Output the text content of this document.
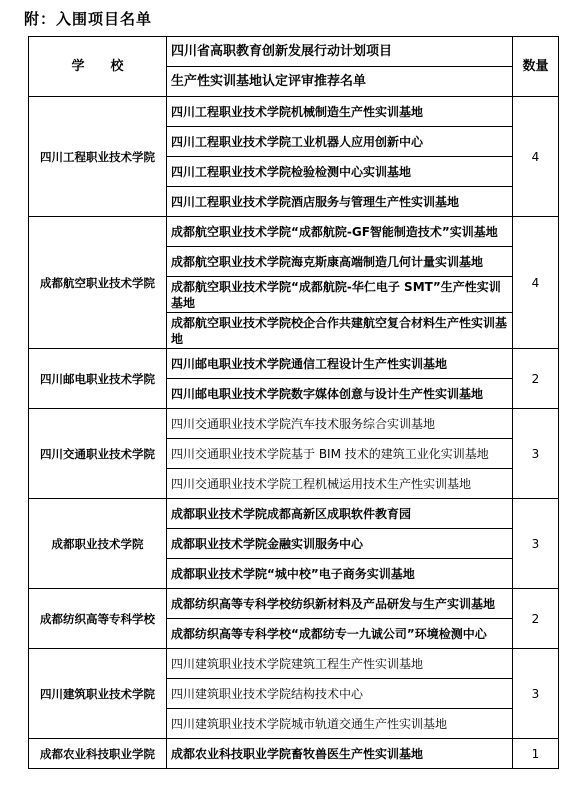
附：入围项目名单
学　　校	四川省高职教育创新发展行动计划项目	数量
	生产性实训基地认定评审推荐名单	
四川工程职业技术学院	四川工程职业技术学院机械制造生产性实训基地	4
	四川工程职业技术学院工业机器人应用创新中心	
	四川工程职业技术学院检验检测中心实训基地	
	四川工程职业技术学院酒店服务与管理生产性实训基地	
成都航空职业技术学院	成都航空职业技术学院“成都航院-GF智能制造技术”实训基地	4
	成都航空职业技术学院海克斯康高端制造几何计量实训基地	
	成都航空职业技术学院“成都航院-华仁电子 SMT”生产性实训基地	
	成都航空职业技术学院校企合作共建航空复合材料生产性实训基地	
四川邮电职业技术学院	四川邮电职业技术学院通信工程设计生产性实训基地	2
	四川邮电职业技术学院数字媒体创意与设计生产性实训基地	
四川交通职业技术学院	四川交通职业技术学院汽车技术服务综合实训基地	3
	四川交通职业技术学院基于 BIM 技术的建筑工业化实训基地	
	四川交通职业技术学院工程机械运用技术生产性实训基地	
成都职业技术学院	成都职业技术学院成都高新区成职软件教育园	3
	成都职业技术学院金融实训服务中心	
	成都职业技术学院“城中校”电子商务实训基地	
成都纺织高等专科学校	成都纺织高等专科学校纺织新材料及产品研发与生产实训基地	2
	成都纺织高等专科学校“成都纺专一九诚公司”环境检测中心	
四川建筑职业技术学院	四川建筑职业技术学院建筑工程生产性实训基地	3
	四川建筑职业技术学院结构技术中心	
	四川建筑职业技术学院城市轨道交通生产性实训基地	
成都农业科技职业学院	成都农业科技职业学院畜牧兽医生产性实训基地	1
